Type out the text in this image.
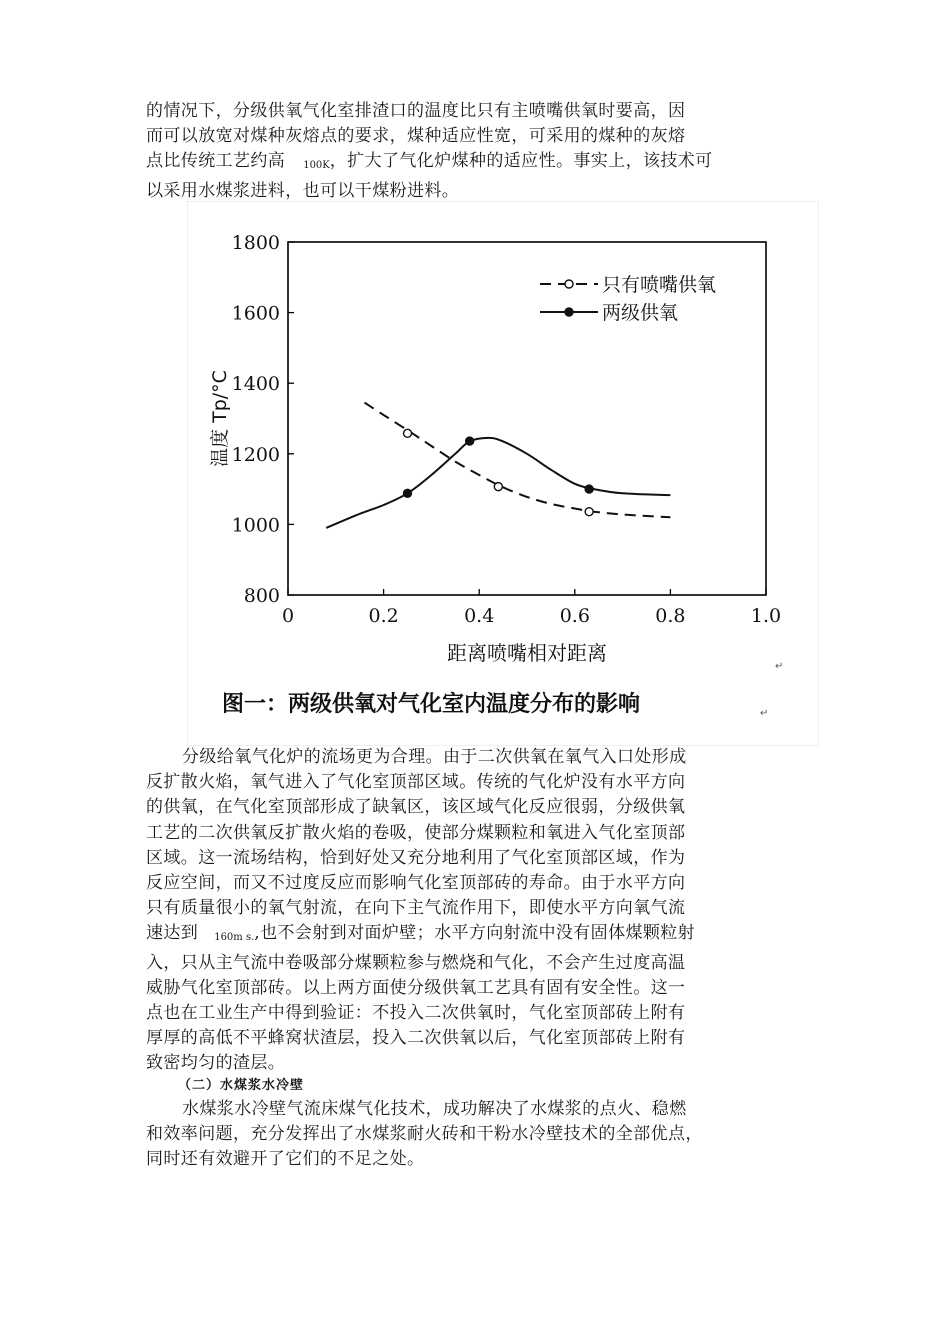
的情况下，分级供氧气化室排渣口的温度比只有主喷嘴供氧时要高，因

而可以放宽对煤种灰熔点的要求，煤种适应性宽，可采用的煤种的灰熔

点比传统工艺约高 100K，扩大了气化炉煤种的适应性。事实上，该技术可

以采用水煤浆进料，也可以干煤粉进料。

0	0.2	0.4	0.6	0.8	1.0
800
1000
1200
1400
1600
1800
距离喷嘴相对距离
温度 Tp/°C
只有喷嘴供氧
两级供氧
图一：两级供氧对气化室内温度分布的影响	↵
↵

分级给氧气化炉的流场更为合理。由于二次供氧在氧气入口处形成

反扩散火焰，氧气进入了气化室顶部区域。传统的气化炉没有水平方向

的供氧，在气化室顶部形成了缺氧区，该区域气化反应很弱，分级供氧

工艺的二次供氧反扩散火焰的卷吸，使部分煤颗粒和氧进入气化室顶部

区域。这一流场结构，恰到好处又充分地利用了气化室顶部区域，作为

反应空间，而又不过度反应而影响气化室顶部砖的寿命。由于水平方向

只有质量很小的氧气射流，在向下主气流作用下，即使水平方向氧气流

速达到 160m s.,也不会射到对面炉壁；水平方向射流中没有固体煤颗粒射

入，只从主气流中卷吸部分煤颗粒参与燃烧和气化，不会产生过度高温

威胁气化室顶部砖。以上两方面使分级供氧工艺具有固有安全性。这一

点也在工业生产中得到验证：不投入二次供氧时，气化室顶部砖上附有

厚厚的高低不平蜂窝状渣层，投入二次供氧以后，气化室顶部砖上附有

致密均匀的渣层。

（二）水煤浆水冷壁

水煤浆水冷壁气流床煤气化技术，成功解决了水煤浆的点火、稳燃

和效率问题，充分发挥出了水煤浆耐火砖和干粉水冷壁技术的全部优点，

同时还有效避开了它们的不足之处。
